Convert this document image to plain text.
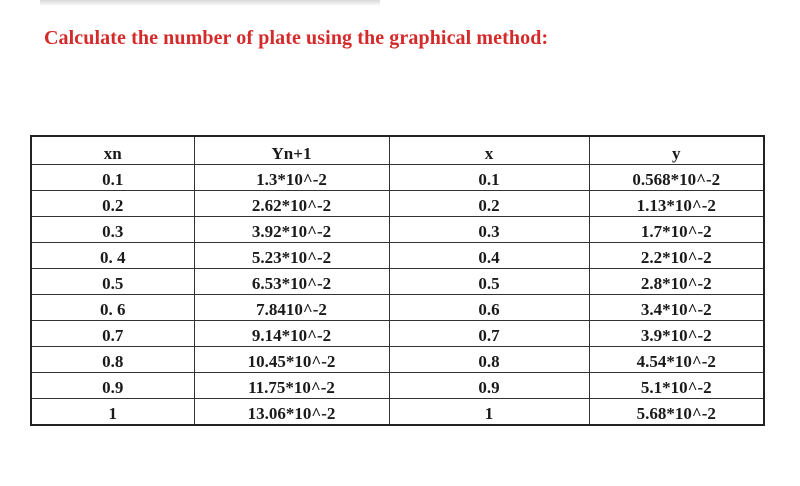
Calculate the number of plate using the graphical method:
xn	Yn+1	x	y
0.1	1.3*10^-2	0.1	0.568*10^-2
0.2	2.62*10^-2	0.2	1.13*10^-2
0.3	3.92*10^-2	0.3	1.7*10^-2
0. 4	5.23*10^-2	0.4	2.2*10^-2
0.5	6.53*10^-2	0.5	2.8*10^-2
0. 6	7.8410^-2	0.6	3.4*10^-2
0.7	9.14*10^-2	0.7	3.9*10^-2
0.8	10.45*10^-2	0.8	4.54*10^-2
0.9	11.75*10^-2	0.9	5.1*10^-2
1	13.06*10^-2	1	5.68*10^-2
